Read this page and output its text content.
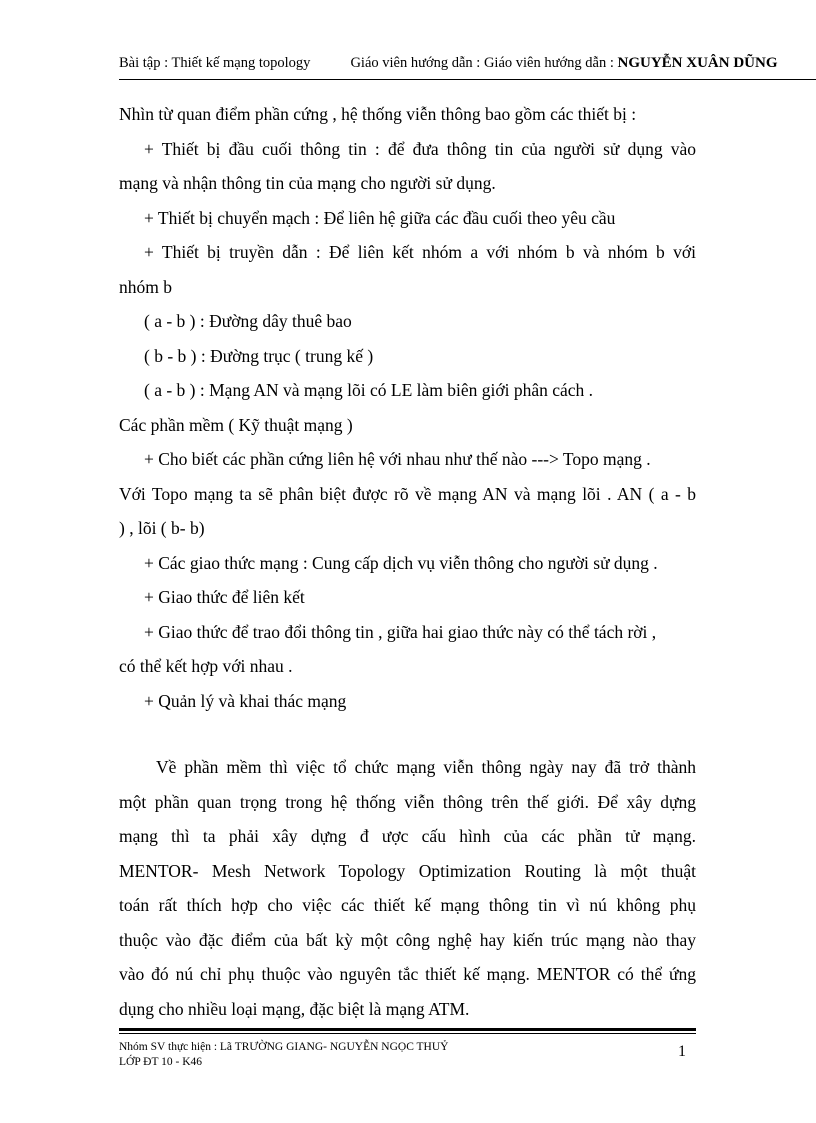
Bài tập : Thiết kế mạng topology	Giáo viên hướng dẫn : Giáo viên hướng dẫn : NGUYỄN XUÂN DŨNG
Nhìn từ quan điểm phần cứng , hệ thống viễn thông bao gồm các thiết bị :
+ Thiết bị đầu cuối thông tin : để đưa thông tin của người sử dụng vào
mạng và nhận thông tin của mạng cho người sử dụng.
+ Thiết bị chuyển mạch : Để liên hệ giữa các đầu cuối theo yêu cầu
+ Thiết bị truyền dẫn : Để liên kết nhóm a với nhóm b và nhóm b với
nhóm b
( a - b ) : Đường dây thuê bao
( b - b ) : Đường trục ( trung kế )
( a - b ) : Mạng AN và mạng lõi có LE làm biên giới phân cách .
Các phần mềm ( Kỹ thuật mạng )
+ Cho biết các phần cứng liên hệ với nhau như thế nào ---> Topo mạng .
Với Topo mạng ta sẽ phân biệt được rõ về mạng AN và mạng lõi . AN ( a - b
) , lõi ( b- b)
+ Các giao thức mạng : Cung cấp dịch vụ viễn thông cho người sử dụng .
+ Giao thức để liên kết
+ Giao thức để trao đổi thông tin , giữa hai giao thức này có thể tách rời ,
có thể kết hợp với nhau .
+ Quản lý và khai thác mạng
Về phần mềm thì việc tổ chức mạng viễn thông ngày nay đã trở thành
một phần quan trọng trong hệ thống viễn thông trên thế giới. Để xây dựng
mạng thì ta phải xây dựng đ ược cấu hình của các phần tử mạng.
MENTOR- Mesh Network Topology Optimization Routing là một thuật
toán rất thích hợp cho việc các thiết kế mạng thông tin vì nú không phụ
thuộc vào đặc điểm của bất kỳ một công nghệ hay kiến trúc mạng nào thay
vào đó nú chỉ phụ thuộc vào nguyên tắc thiết kế mạng. MENTOR có thể ứng
dụng cho nhiều loại mạng, đặc biệt là mạng ATM.
Nhóm SV thực hiện : Lã TRƯỜNG GIANG- NGUYỄN NGỌC THUỶ
LỚP ĐT 10 - K46
1
